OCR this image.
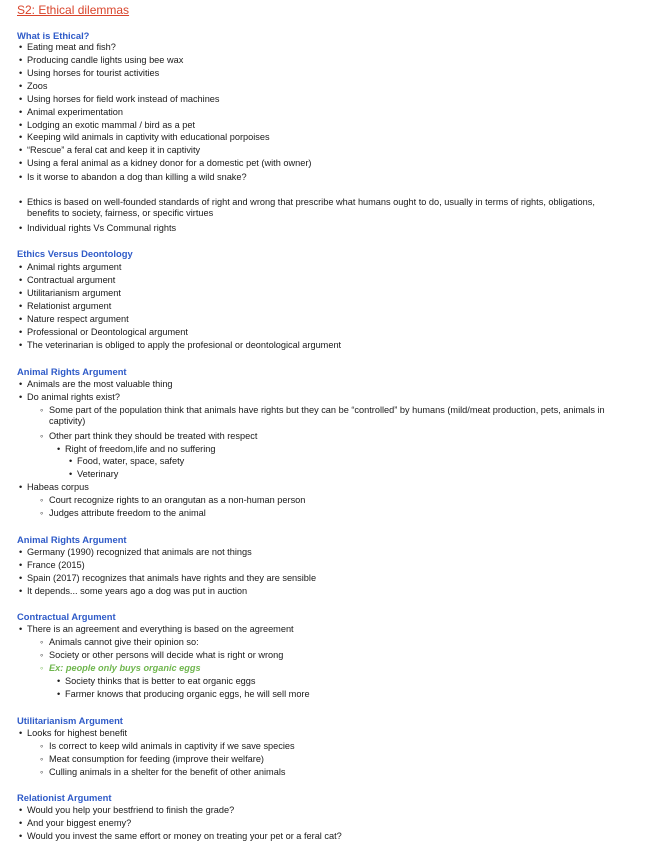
S2: Ethical dilemmas
What is Ethical?
• Eating meat and fish?
• Producing candle lights using bee wax
• Using horses for tourist activities
• Zoos
• Using horses for field work instead of machines
• Animal experimentation
• Lodging an exotic mammal / bird as a pet
• Keeping wild animals in captivity with educational porpoises
• “Rescue” a feral cat and keep it in captivity
• Using a feral animal as a kidney donor for a domestic pet (with owner)
• Is it worse to abandon a dog than killing a wild snake?
• Ethics is based on well-founded standards of right and wrong that prescribe what humans ought to do, usually in terms of rights, obligations, benefits to society, fairness, or specific virtues
• Individual rights Vs Communal rights
Ethics Versus Deontology
• Animal rights argument
• Contractual argument
• Utilitarianism argument
• Relationist argument
• Nature respect argument
• Professional or Deontological argument
• The veterinarian is obliged to apply the profesional or deontological argument
Animal Rights Argument
• Animals are the most valuable thing
• Do animal rights exist?
◦ Some part of the population think that animals have rights but they can be “controlled” by humans (mild/meat production, pets, animals in captivity)
◦ Other part think they should be treated with respect
• Right of freedom,life and no suffering
• Food, water, space, safety
• Veterinary
• Habeas corpus
◦ Court recognize rights to an orangutan as a non-human person
◦ Judges attribute freedom to the animal
Animal Rights Argument
• Germany (1990) recognized that animals are not things
• France (2015)
• Spain (2017) recognizes that animals have rights and they are sensible
• It depends... some years ago a dog was put in auction
Contractual Argument
• There is an agreement and everything is based on the agreement
◦ Animals cannot give their opinion so:
◦ Society or other persons will decide what is right or wrong
◦ Ex: people only buys organic eggs
• Society thinks that is better to eat organic eggs
• Farmer knows that producing organic eggs, he will sell more
Utilitarianism Argument
• Looks for highest benefit
◦ Is correct to keep wild animals in captivity if we save species
◦ Meat consumption for feeding (improve their welfare)
◦ Culling animals in a shelter for the benefit of other animals
Relationist Argument
• Would you help your bestfriend to finish the grade?
• And your biggest enemy?
• Would you invest the same effort or money on treating your pet or a feral cat?
